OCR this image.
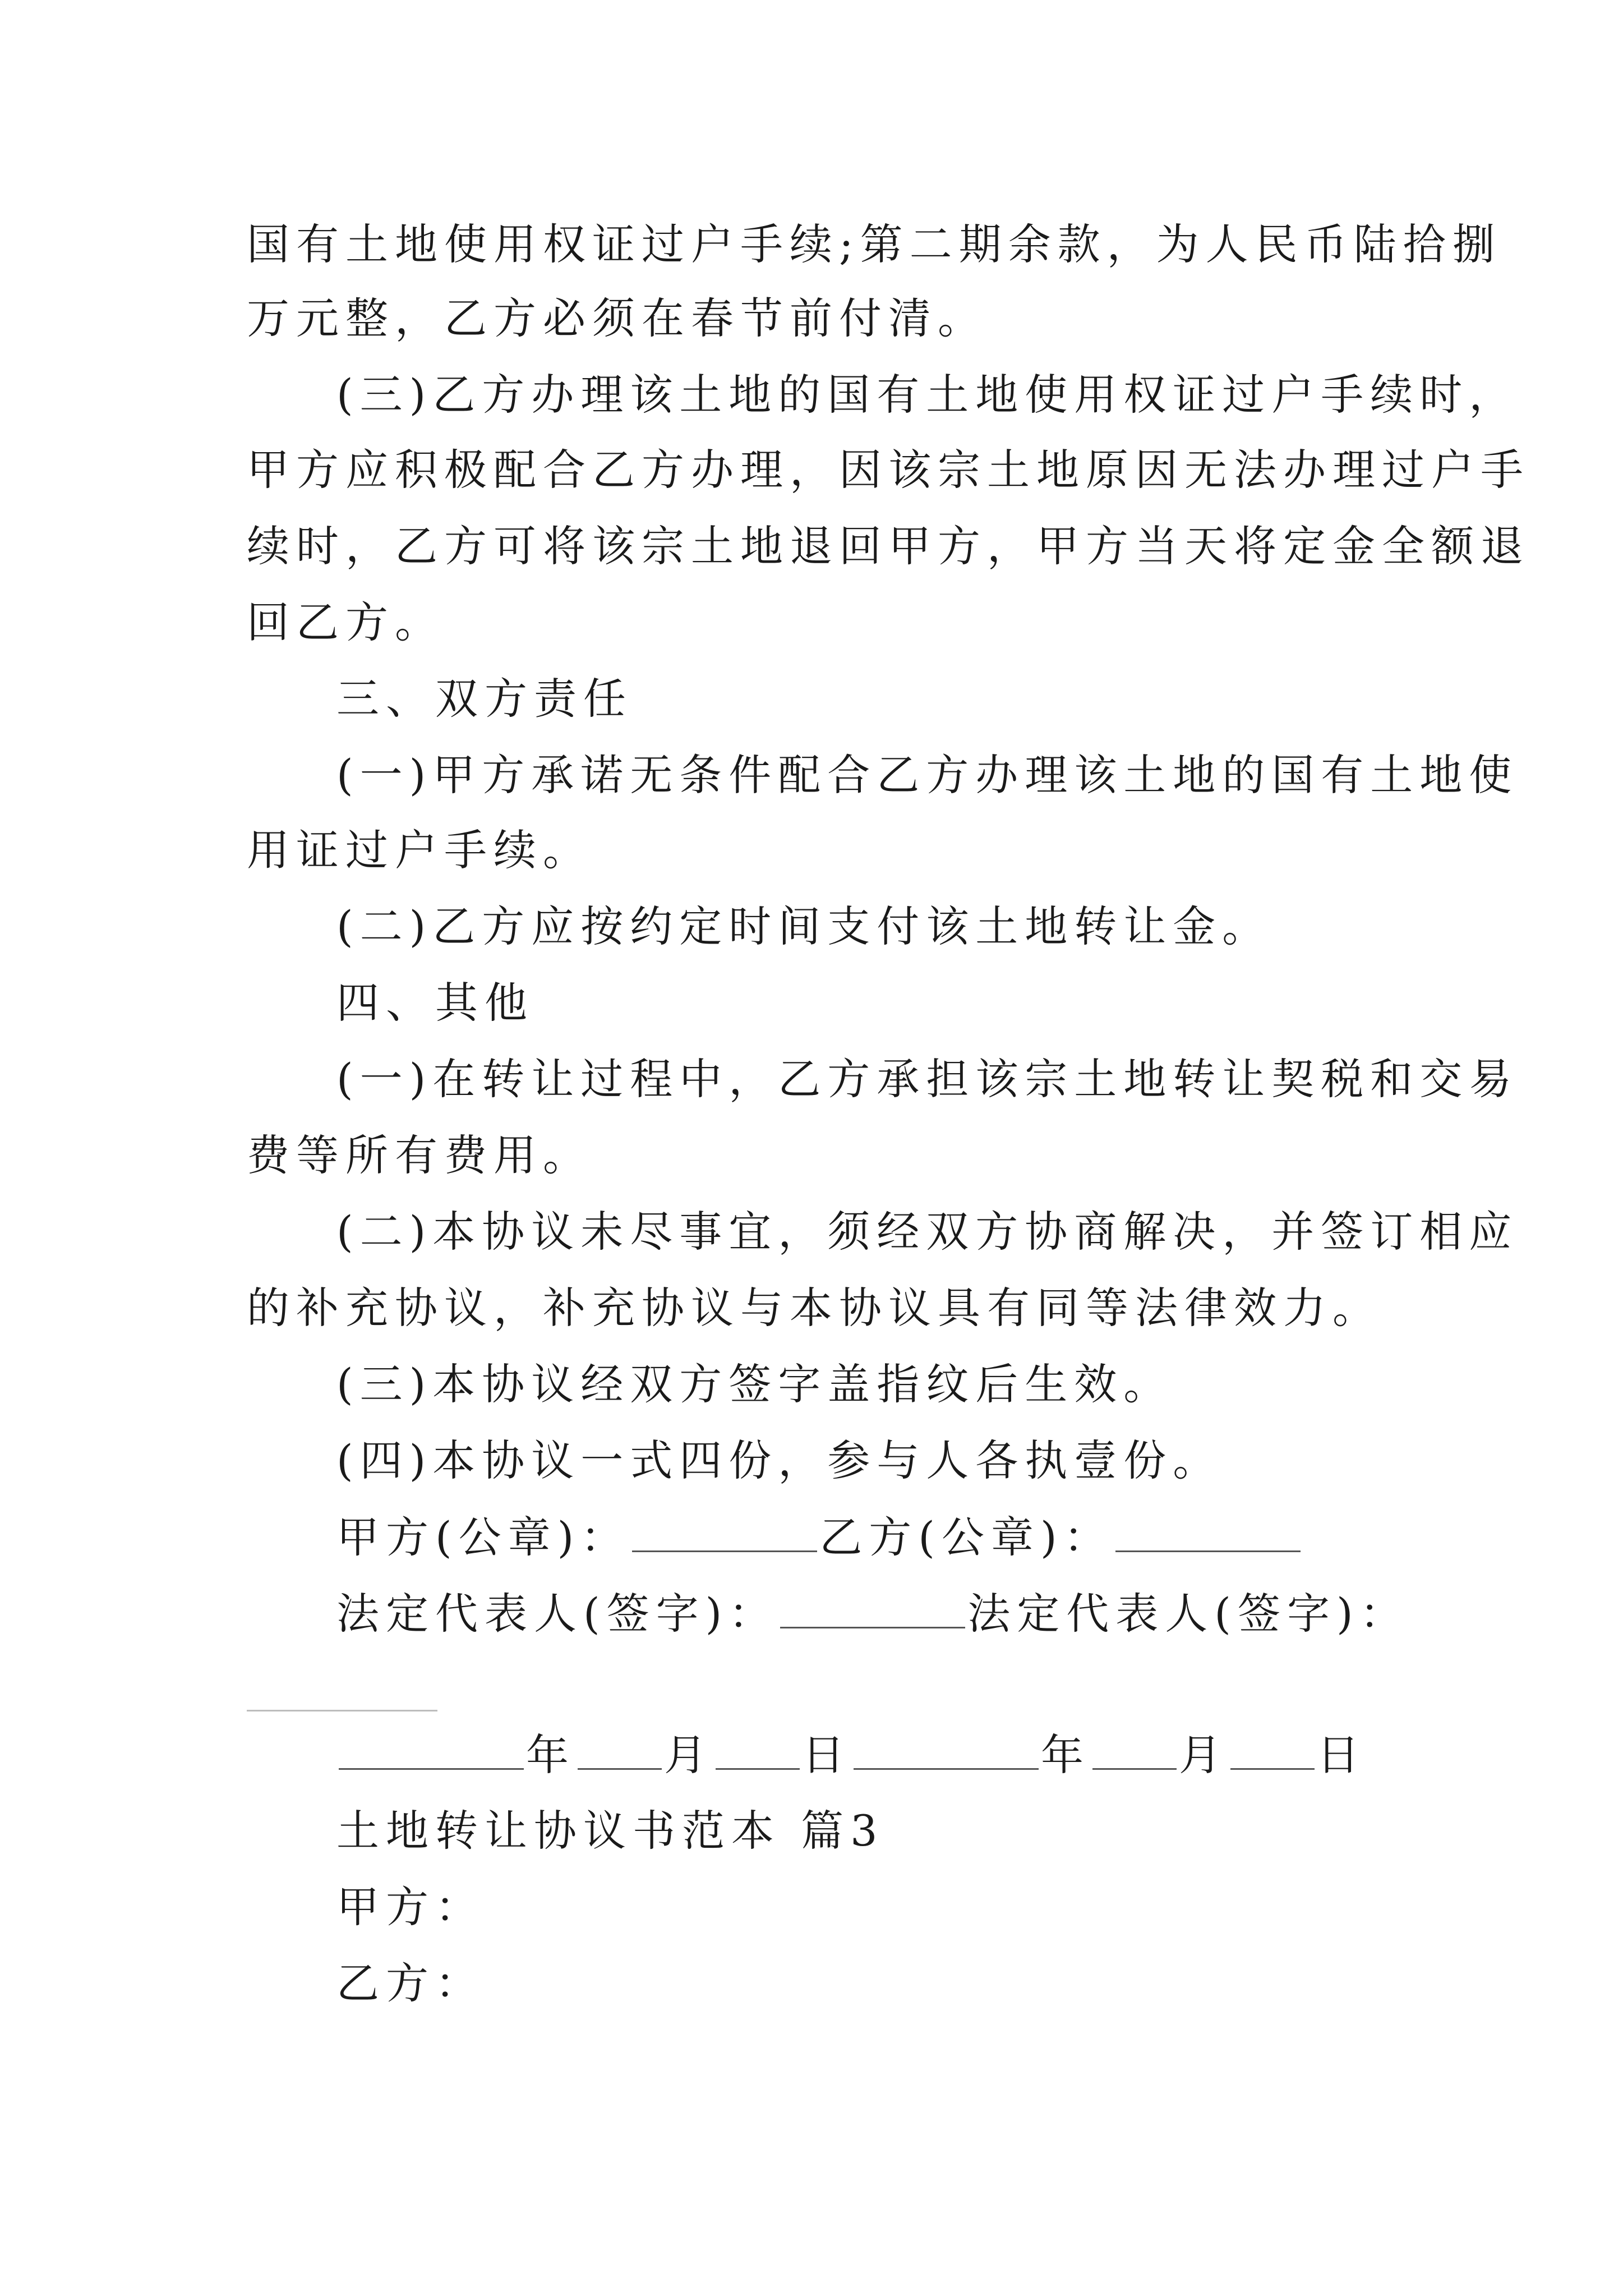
国有土地使用权证过户手续;第二期余款，为人民币陆拾捌
万元整，乙方必须在春节前付清。
(三)乙方办理该土地的国有土地使用权证过户手续时，
甲方应积极配合乙方办理，因该宗土地原因无法办理过户手
续时，乙方可将该宗土地退回甲方，甲方当天将定金全额退
回乙方。
三、双方责任
(一)甲方承诺无条件配合乙方办理该土地的国有土地使
用证过户手续。
(二)乙方应按约定时间支付该土地转让金。
四、其他
(一)在转让过程中，乙方承担该宗土地转让契税和交易
费等所有费用。
(二)本协议未尽事宜，须经双方协商解决，并签订相应
的补充协议，补充协议与本协议具有同等法律效力。
(三)本协议经双方签字盖指纹后生效。
(四)本协议一式四份，参与人各执壹份。
甲方(公章)：	乙方(公章)：
法定代表人(签字)：	法定代表人(签字)：
年 月 日	年 月 日
土地转让协议书范本 篇3
甲方：
乙方：
